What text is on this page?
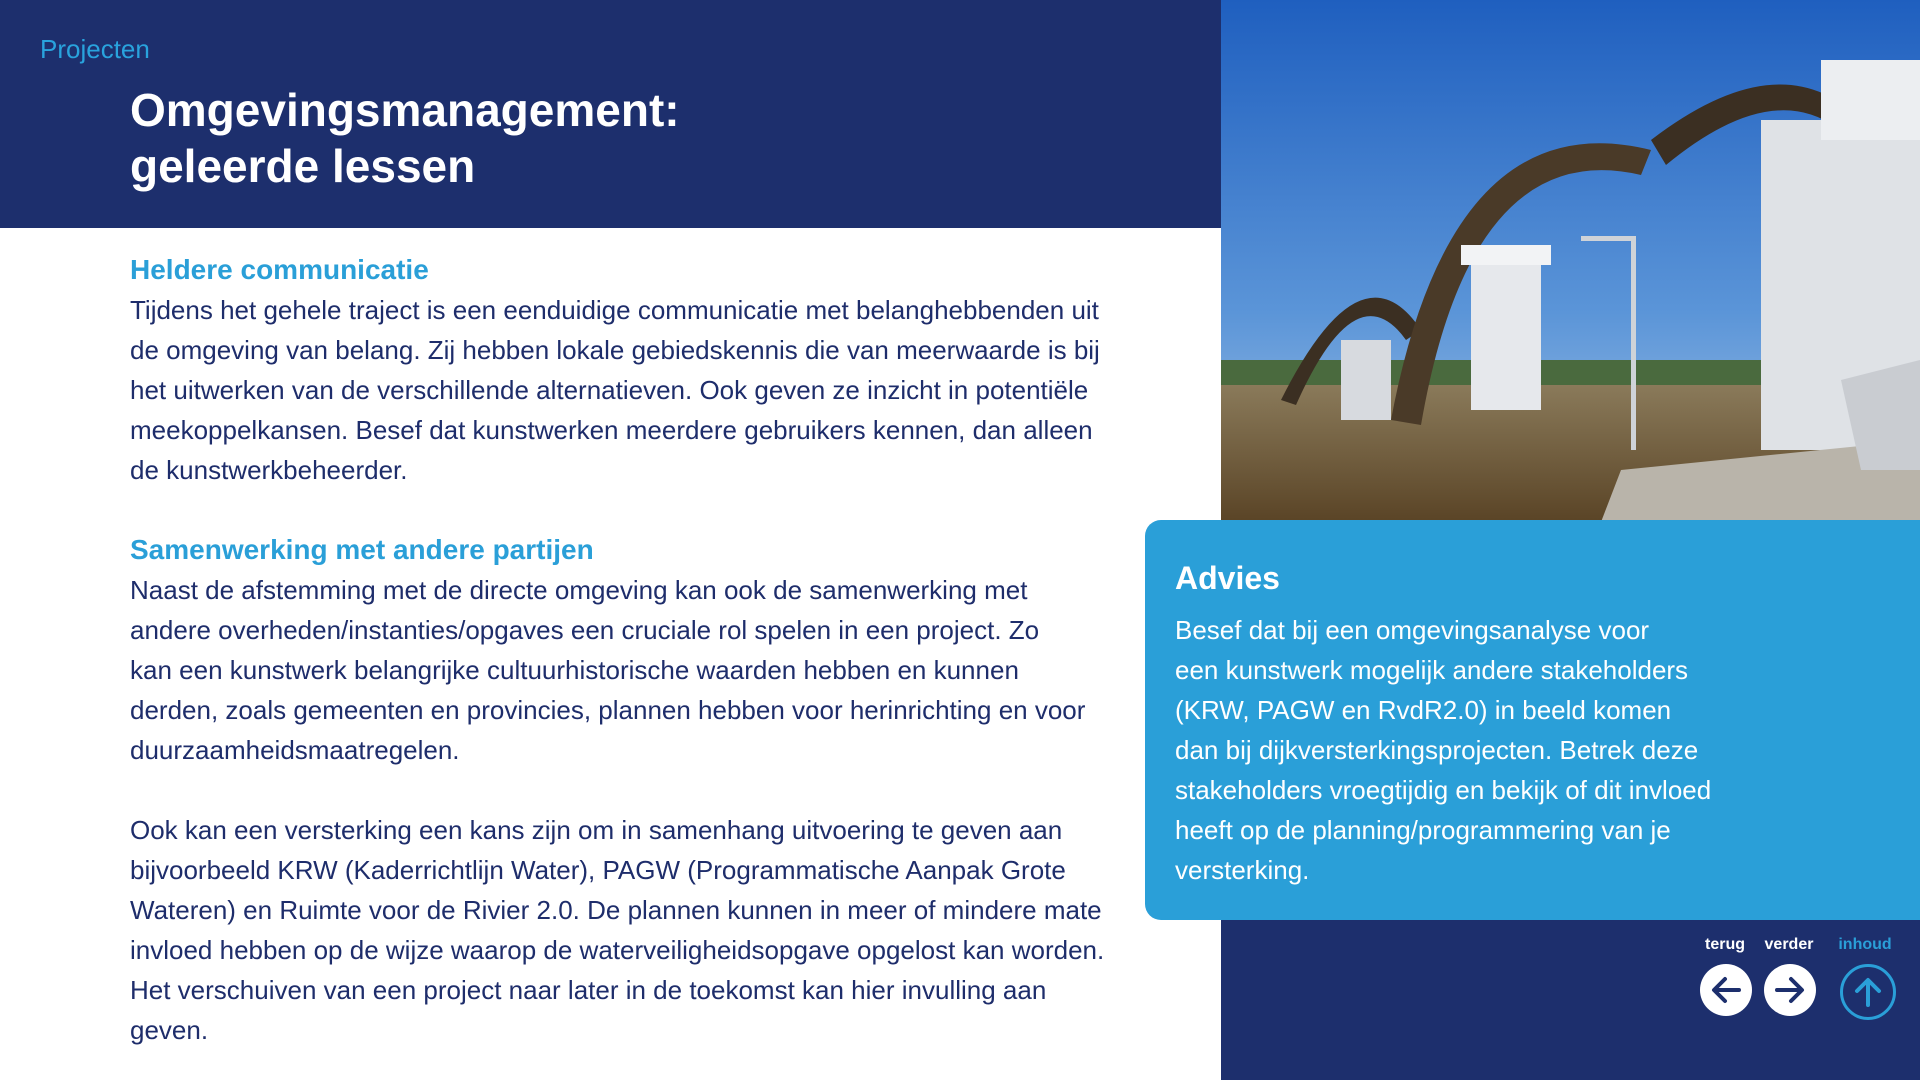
Projecten
Omgevingsmanagement:
geleerde lessen
Heldere communicatie
Tijdens het gehele traject is een eenduidige communicatie met belanghebbenden uit
de omgeving van belang. Zij hebben lokale gebiedskennis die van meerwaarde is bij
het uitwerken van de verschillende alternatieven. Ook geven ze inzicht in potentiële
meekoppelkansen. Besef dat kunstwerken meerdere gebruikers kennen, dan alleen
de kunstwerkbeheerder.
Samenwerking met andere partijen
Naast de afstemming met de directe omgeving kan ook de samenwerking met
andere overheden/instanties/opgaves een cruciale rol spelen in een project. Zo
kan een kunstwerk belangrijke cultuurhistorische waarden hebben en kunnen
derden, zoals gemeenten en provincies, plannen hebben voor herinrichting en voor
duurzaamheidsmaatregelen.
Ook kan een versterking een kans zijn om in samenhang uitvoering te geven aan
bijvoorbeeld KRW (Kaderrichtlijn Water), PAGW (Programmatische Aanpak Grote
Wateren) en Ruimte voor de Rivier 2.0. De plannen kunnen in meer of mindere mate
invloed hebben op de wijze waarop de waterveiligheidsopgave opgelost kan worden.
Het verschuiven van een project naar later in de toekomst kan hier invulling aan geven.
Advies
Besef dat bij een omgevingsanalyse voor
een kunstwerk mogelijk andere stakeholders
(KRW, PAGW en RvdR2.0) in beeld komen
dan bij dijkversterkingsprojecten. Betrek deze
stakeholders vroegtijdig en bekijk of dit invloed
heeft op de planning/programmering van je
versterking.
terug	verder	inhoud
